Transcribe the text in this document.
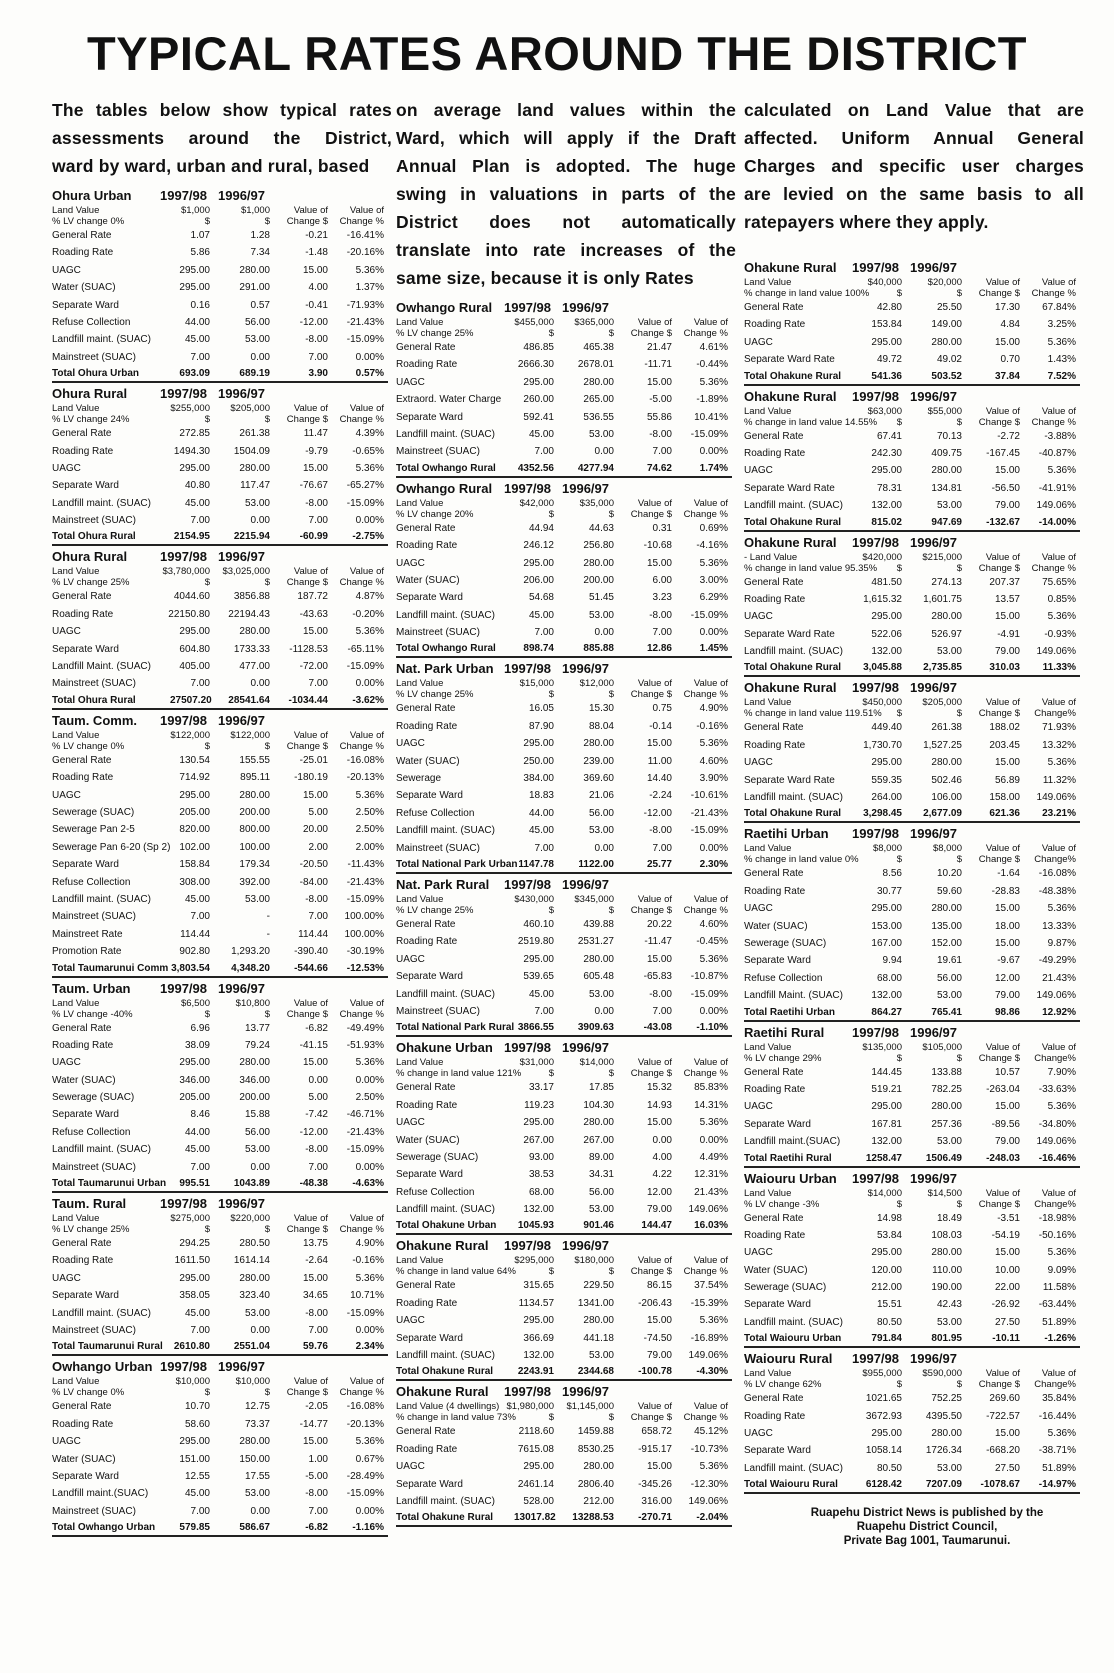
TYPICAL RATES AROUND THE DISTRICT

The tables below show typical rates

assessments around the District,

ward by ward, urban and rural, based

Ohura Urban	1997/98 1996/97
Land Value	$1,000	$1,000	Value of	Value of
% LV change 0%	$	$	Change $	Change %
General Rate	1.07	1.28	-0.21	-16.41%
Roading Rate	5.86	7.34	-1.48	-20.16%
UAGC	295.00	280.00	15.00	5.36%
Water (SUAC)	295.00	291.00	4.00	1.37%
Separate Ward	0.16	0.57	-0.41	-71.93%
Refuse Collection	44.00	56.00	-12.00	-21.43%
Landfill maint. (SUAC)	45.00	53.00	-8.00	-15.09%
Mainstreet (SUAC)	7.00	0.00	7.00	0.00%
Total Ohura Urban	693.09	689.19	3.90	0.57%
Ohura Rural	1997/98 1996/97
Land Value	$255,000	$205,000	Value of	Value of
% LV change 24%	$	$	Change $	Change %
General Rate	272.85	261.38	11.47	4.39%
Roading Rate	1494.30	1504.09	-9.79	-0.65%
UAGC	295.00	280.00	15.00	5.36%
Separate Ward	40.80	117.47	-76.67	-65.27%
Landfill maint. (SUAC)	45.00	53.00	-8.00	-15.09%
Mainstreet (SUAC)	7.00	0.00	7.00	0.00%
Total Ohura Rural	2154.95	2215.94	-60.99	-2.75%
Ohura Rural	1997/98 1996/97
Land Value	$3,780,000	$3,025,000	Value of	Value of
% LV change 25%	$	$	Change $	Change %
General Rate	4044.60	3856.88	187.72	4.87%
Roading Rate	22150.80	22194.43	-43.63	-0.20%
UAGC	295.00	280.00	15.00	5.36%
Separate Ward	604.80	1733.33	-1128.53	-65.11%
Landfill Maint. (SUAC)	405.00	477.00	-72.00	-15.09%
Mainstreet (SUAC)	7.00	0.00	7.00	0.00%
Total Ohura Rural	27507.20	28541.64	-1034.44	-3.62%
Taum. Comm.	1997/98 1996/97
Land Value	$122,000	$122,000	Value of	Value of
% LV change 0%	$	$	Change $	Change %
General Rate	130.54	155.55	-25.01	-16.08%
Roading Rate	714.92	895.11	-180.19	-20.13%
UAGC	295.00	280.00	15.00	5.36%
Sewerage (SUAC)	205.00	200.00	5.00	2.50%
Sewerage Pan 2-5	820.00	800.00	20.00	2.50%
Sewerage Pan 6-20 (Sp 2) 102.00	100.00	2.00	2.00%
Separate Ward	158.84	179.34	-20.50	-11.43%
Refuse Collection	308.00	392.00	-84.00	-21.43%
Landfill maint. (SUAC)	45.00	53.00	-8.00	-15.09%
Mainstreet (SUAC)	7.00	-	7.00	100.00%
Mainstreet Rate	114.44	-	114.44	100.00%
Promotion Rate	902.80	1,293.20	-390.40	-30.19%
Total Taumarunui Comm 3,803.54	4,348.20	-544.66	-12.53%
Taum. Urban	1997/98 1996/97
Land Value	$6,500	$10,800	Value of	Value of
% LV change -40%	$	$	Change $	Change %
General Rate	6.96	13.77	-6.82	-49.49%
Roading Rate	38.09	79.24	-41.15	-51.93%
UAGC	295.00	280.00	15.00	5.36%
Water (SUAC)	346.00	346.00	0.00	0.00%
Sewerage (SUAC)	205.00	200.00	5.00	2.50%
Separate Ward	8.46	15.88	-7.42	-46.71%
Refuse Collection	44.00	56.00	-12.00	-21.43%
Landfill maint. (SUAC)	45.00	53.00	-8.00	-15.09%
Mainstreet (SUAC)	7.00	0.00	7.00	0.00%
Total Taumarunui Urban	995.51	1043.89	-48.38	-4.63%
Taum. Rural	1997/98 1996/97
Land Value	$275,000	$220,000	Value of	Value of
% LV change 25%	$	$	Change $	Change %
General Rate	294.25	280.50	13.75	4.90%
Roading Rate	1611.50	1614.14	-2.64	-0.16%
UAGC	295.00	280.00	15.00	5.36%
Separate Ward	358.05	323.40	34.65	10.71%
Landfill maint. (SUAC)	45.00	53.00	-8.00	-15.09%
Mainstreet (SUAC)	7.00	0.00	7.00	0.00%
Total Taumarunui Rural	2610.80	2551.04	59.76	2.34%
Owhango Urban 1997/98 1996/97
Land Value	$10,000	$10,000	Value of	Value of
% LV change 0%	$	$	Change $	Change %
General Rate	10.70	12.75	-2.05	-16.08%
Roading Rate	58.60	73.37	-14.77	-20.13%
UAGC	295.00	280.00	15.00	5.36%
Water (SUAC)	151.00	150.00	1.00	0.67%
Separate Ward	12.55	17.55	-5.00	-28.49%
Landfill maint.(SUAC)	45.00	53.00	-8.00	-15.09%
Mainstreet (SUAC)	7.00	0.00	7.00	0.00%
Total Owhango Urban	579.85	586.67	-6.82	-1.16%

on average land values within the

Ward, which will apply if the Draft

Annual Plan is adopted. The huge

swing in valuations in parts of the

District does not automatically

translate into rate increases of the

same size, because it is only Rates

Owhango Rural 1997/98 1996/97
Land Value	$455,000	$365,000	Value of	Value of
% LV change 25%	$	$	Change $	Change %
General Rate	486.85	465.38	21.47	4.61%
Roading Rate	2666.30	2678.01	-11.71	-0.44%
UAGC	295.00	280.00	15.00	5.36%
Extraord. Water Charge	260.00	265.00	-5.00	-1.89%
Separate Ward	592.41	536.55	55.86	10.41%
Landfill maint. (SUAC)	45.00	53.00	-8.00	-15.09%
Mainstreet (SUAC)	7.00	0.00	7.00	0.00%
Total Owhango Rural	4352.56	4277.94	74.62	1.74%
Owhango Rural 1997/98 1996/97
Land Value	$42,000	$35,000	Value of	Value of
% LV change 20%	$	$	Change $	Change %
General Rate	44.94	44.63	0.31	0.69%
Roading Rate	246.12	256.80	-10.68	-4.16%
UAGC	295.00	280.00	15.00	5.36%
Water (SUAC)	206.00	200.00	6.00	3.00%
Separate Ward	54.68	51.45	3.23	6.29%
Landfill maint. (SUAC)	45.00	53.00	-8.00	-15.09%
Mainstreet (SUAC)	7.00	0.00	7.00	0.00%
Total Owhango Rural	898.74	885.88	12.86	1.45%
Nat. Park Urban 1997/98 1996/97
Land Value	$15,000	$12,000	Value of	Value of
% LV change 25%	$	$	Change $	Change %
General Rate	16.05	15.30	0.75	4.90%
Roading Rate	87.90	88.04	-0.14	-0.16%
UAGC	295.00	280.00	15.00	5.36%
Water (SUAC)	250.00	239.00	11.00	4.60%
Sewerage	384.00	369.60	14.40	3.90%
Separate Ward	18.83	21.06	-2.24	-10.61%
Refuse Collection	44.00	56.00	-12.00	-21.43%
Landfill maint. (SUAC)	45.00	53.00	-8.00	-15.09%
Mainstreet (SUAC)	7.00	0.00	7.00	0.00%
Total National Park Urban 1147.78	1122.00	25.77	2.30%
Nat. Park Rural	1997/98 1996/97
Land Value	$430,000	$345,000	Value of	Value of
% LV change 25%	$	$	Change $	Change %
General Rate	460.10	439.88	20.22	4.60%
Roading Rate	2519.80	2531.27	-11.47	-0.45%
UAGC	295.00	280.00	15.00	5.36%
Separate Ward	539.65	605.48	-65.83	-10.87%
Landfill maint. (SUAC)	45.00	53.00	-8.00	-15.09%
Mainstreet (SUAC)	7.00	0.00	7.00	0.00%
Total National Park Rural 3866.55	3909.63	-43.08	-1.10%
Ohakune Urban 1997/98 1996/97
Land Value	$31,000	$14,000	Value of	Value of
% change in land value 121%	$	$	Change $	Change %
General Rate	33.17	17.85	15.32	85.83%
Roading Rate	119.23	104.30	14.93	14.31%
UAGC	295.00	280.00	15.00	5.36%
Water (SUAC)	267.00	267.00	0.00	0.00%
Sewerage (SUAC)	93.00	89.00	4.00	4.49%
Separate Ward	38.53	34.31	4.22	12.31%
Refuse Collection	68.00	56.00	12.00	21.43%
Landfill maint. (SUAC)	132.00	53.00	79.00	149.06%
Total Ohakune Urban	1045.93	901.46	144.47	16.03%
Ohakune Rural	1997/98 1996/97
Land Value	$295,000	$180,000	Value of	Value of
% change in land value 64%	$	$	Change $	Change %
General Rate	315.65	229.50	86.15	37.54%
Roading Rate	1134.57	1341.00	-206.43	-15.39%
UAGC	295.00	280.00	15.00	5.36%
Separate Ward	366.69	441.18	-74.50	-16.89%
Landfill maint. (SUAC)	132.00	53.00	79.00	149.06%
Total Ohakune Rural	2243.91	2344.68	-100.78	-4.30%
Ohakune Rural	1997/98 1996/97
Land Value (4 dwellings) $1,980,000	$1,145,000	Value of	Value of
% change in land value 73%	$	$	Change $	Change %
General Rate	2118.60	1459.88	658.72	45.12%
Roading Rate	7615.08	8530.25	-915.17	-10.73%
UAGC	295.00	280.00	15.00	5.36%
Separate Ward	2461.14	2806.40	-345.26	-12.30%
Landfill maint. (SUAC)	528.00	212.00	316.00	149.06%
Total Ohakune Rural	13017.82	13288.53	-270.71	-2.04%

calculated on Land Value that are

affected. Uniform Annual General

Charges and specific user charges

are levied on the same basis to all

ratepayers where they apply.

Ohakune Rural	1997/98 1996/97
Land Value	$40,000	$20,000	Value of	Value of
% change in land value 100%	$	$	Change $	Change %
General Rate	42.80	25.50	17.30	67.84%
Roading Rate	153.84	149.00	4.84	3.25%
UAGC	295.00	280.00	15.00	5.36%
Separate Ward Rate	49.72	49.02	0.70	1.43%
Total Ohakune Rural	541.36	503.52	37.84	7.52%
Ohakune Rural	1997/98 1996/97
Land Value	$63,000	$55,000	Value of	Value of
% change in land value 14.55%	$	$	Change $	Change %
General Rate	67.41	70.13	-2.72	-3.88%
Roading Rate	242.30	409.75	-167.45	-40.87%
UAGC	295.00	280.00	15.00	5.36%
Separate Ward Rate	78.31	134.81	-56.50	-41.91%
Landfill maint. (SUAC)	132.00	53.00	79.00	149.06%
Total Ohakune Rural	815.02	947.69	-132.67	-14.00%
Ohakune Rural	1997/98 1996/97
- Land Value	$420,000	$215,000	Value of	Value of
% change in land value 95.35%	$	$	Change $	Change %
General Rate	481.50	274.13	207.37	75.65%
Roading Rate	1,615.32	1,601.75	13.57	0.85%
UAGC	295.00	280.00	15.00	5.36%
Separate Ward Rate	522.06	526.97	-4.91	-0.93%
Landfill maint. (SUAC)	132.00	53.00	79.00	149.06%
Total Ohakune Rural	3,045.88	2,735.85	310.03	11.33%
Ohakune Rural	1997/98 1996/97
Land Value	$450,000	$205,000	Value of	Value of
% change in land value 119.51%	$	$	Change $	Change%
General Rate	449.40	261.38	188.02	71.93%
Roading Rate	1,730.70	1,527.25	203.45	13.32%
UAGC	295.00	280.00	15.00	5.36%
Separate Ward Rate	559.35	502.46	56.89	11.32%
Landfill maint. (SUAC)	264.00	106.00	158.00	149.06%
Total Ohakune Rural	3,298.45	2,677.09	621.36	23.21%
Raetihi Urban	1997/98 1996/97
Land Value	$8,000	$8,000	Value of	Value of
% change in land value 0%	$	$	Change $	Change%
General Rate	8.56	10.20	-1.64	-16.08%
Roading Rate	30.77	59.60	-28.83	-48.38%
UAGC	295.00	280.00	15.00	5.36%
Water (SUAC)	153.00	135.00	18.00	13.33%
Sewerage (SUAC)	167.00	152.00	15.00	9.87%
Separate Ward	9.94	19.61	-9.67	-49.29%
Refuse Collection	68.00	56.00	12.00	21.43%
Landfill Maint. (SUAC)	132.00	53.00	79.00	149.06%
Total Raetihi Urban	864.27	765.41	98.86	12.92%
Raetihi Rural	1997/98 1996/97
Land Value	$135,000	$105,000	Value of	Value of
% LV change 29%	$	$	Change $	Change%
General Rate	144.45	133.88	10.57	7.90%
Roading Rate	519.21	782.25	-263.04	-33.63%
UAGC	295.00	280.00	15.00	5.36%
Separate Ward	167.81	257.36	-89.56	-34.80%
Landfill maint.(SUAC)	132.00	53.00	79.00	149.06%
Total Raetihi Rural	1258.47	1506.49	-248.03	-16.46%
Waiouru Urban	1997/98 1996/97
Land Value	$14,000	$14,500	Value of	Value of
% LV change -3%	$	$	Change $	Change%
General Rate	14.98	18.49	-3.51	-18.98%
Roading Rate	53.84	108.03	-54.19	-50.16%
UAGC	295.00	280.00	15.00	5.36%
Water (SUAC)	120.00	110.00	10.00	9.09%
Sewerage (SUAC)	212.00	190.00	22.00	11.58%
Separate Ward	15.51	42.43	-26.92	-63.44%
Landfill maint. (SUAC)	80.50	53.00	27.50	51.89%
Total Waiouru Urban	791.84	801.95	-10.11	-1.26%
Waiouru Rural	1997/98 1996/97
Land Value	$955,000	$590,000	Value of	Value of
% LV change 62%	$	$	Change $	Change%
General Rate	1021.65	752.25	269.60	35.84%
Roading Rate	3672.93	4395.50	-722.57	-16.44%
UAGC	295.00	280.00	15.00	5.36%
Separate Ward	1058.14	1726.34	-668.20	-38.71%
Landfill maint. (SUAC)	80.50	53.00	27.50	51.89%
Total Waiouru Rural	6128.42	7207.09	-1078.67	-14.97%
Ruapehu District News is published by the
Ruapehu District Council,
Private Bag 1001, Taumarunui.
